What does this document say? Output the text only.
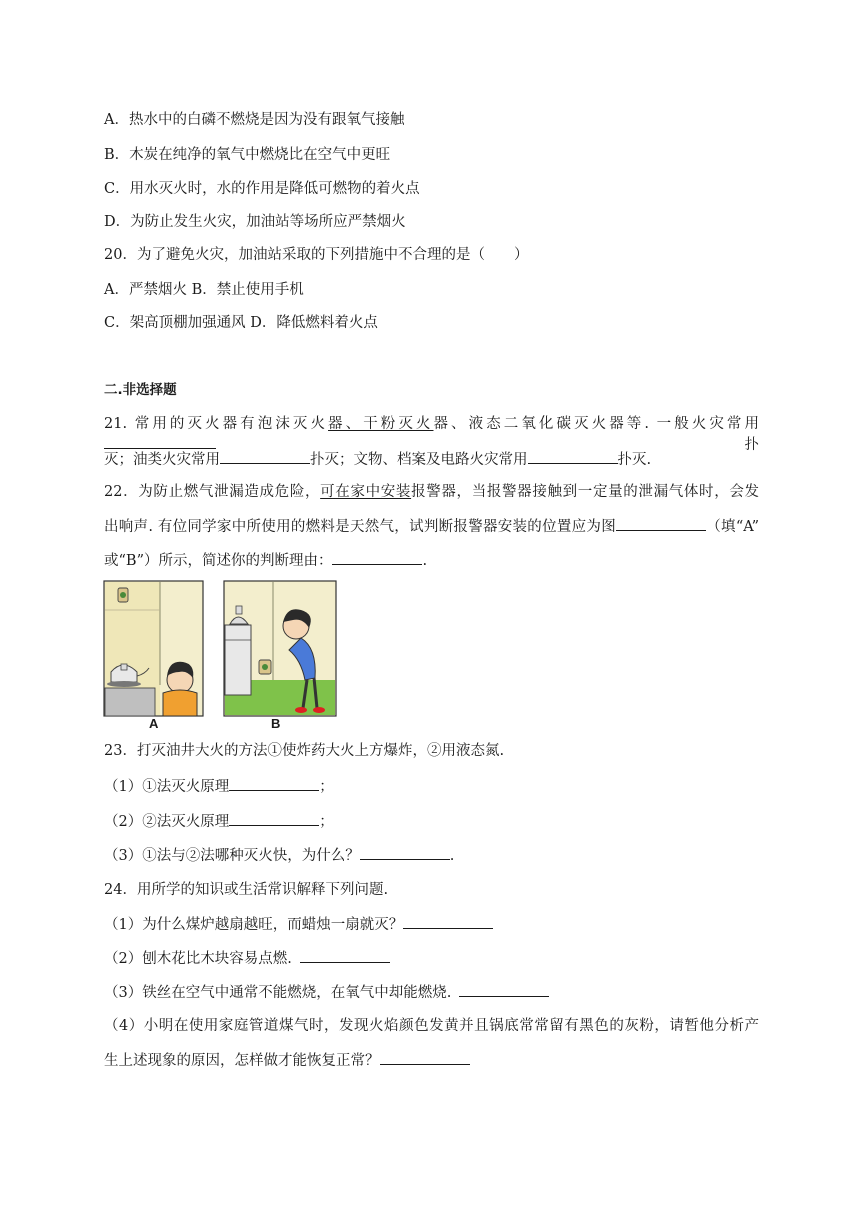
A．热水中的白磷不燃烧是因为没有跟氧气接触
B．木炭在纯净的氧气中燃烧比在空气中更旺
C．用水灭火时，水的作用是降低可燃物的着火点
D．为防止发生火灾，加油站等场所应严禁烟火
20．为了避免火灾，加油站采取的下列措施中不合理的是（　　）
A．严禁烟火 B．禁止使用手机
C．架高顶棚加强通风 D．降低燃料着火点
二.非选择题
21. 常用的灭火器有泡沫灭火器、干粉灭火器、液态二氧化碳灭火器等. 一般火灾常用扑
灭；油类火灾常用	扑灭；文物、档案及电路火灾常用	扑灭.
22．为防止燃气泄漏造成危险，可在家中安装报警器，当报警器接触到一定量的泄漏气体时，会发
出响声. 有位同学家中所使用的燃料是天然气，试判断报警器安装的位置应为图	（填“A”
或“B”）所示，简述你的判断理由：	.
A	B
23．打灭油井大火的方法①使炸药大火上方爆炸，②用液态氮.
（1）①法灭火原理	；
（2）②法灭火原理	；
（3）①法与②法哪种灭火快，为什么？	.
24．用所学的知识或生活常识解释下列问题.
（1）为什么煤炉越扇越旺，而蜡烛一扇就灭？
（2）刨木花比木块容易点燃.
（3）铁丝在空气中通常不能燃烧，在氧气中却能燃烧.
（4）小明在使用家庭管道煤气时，发现火焰颜色发黄并且锅底常常留有黑色的灰粉，请暂他分析产
生上述现象的原因，怎样做才能恢复正常？
